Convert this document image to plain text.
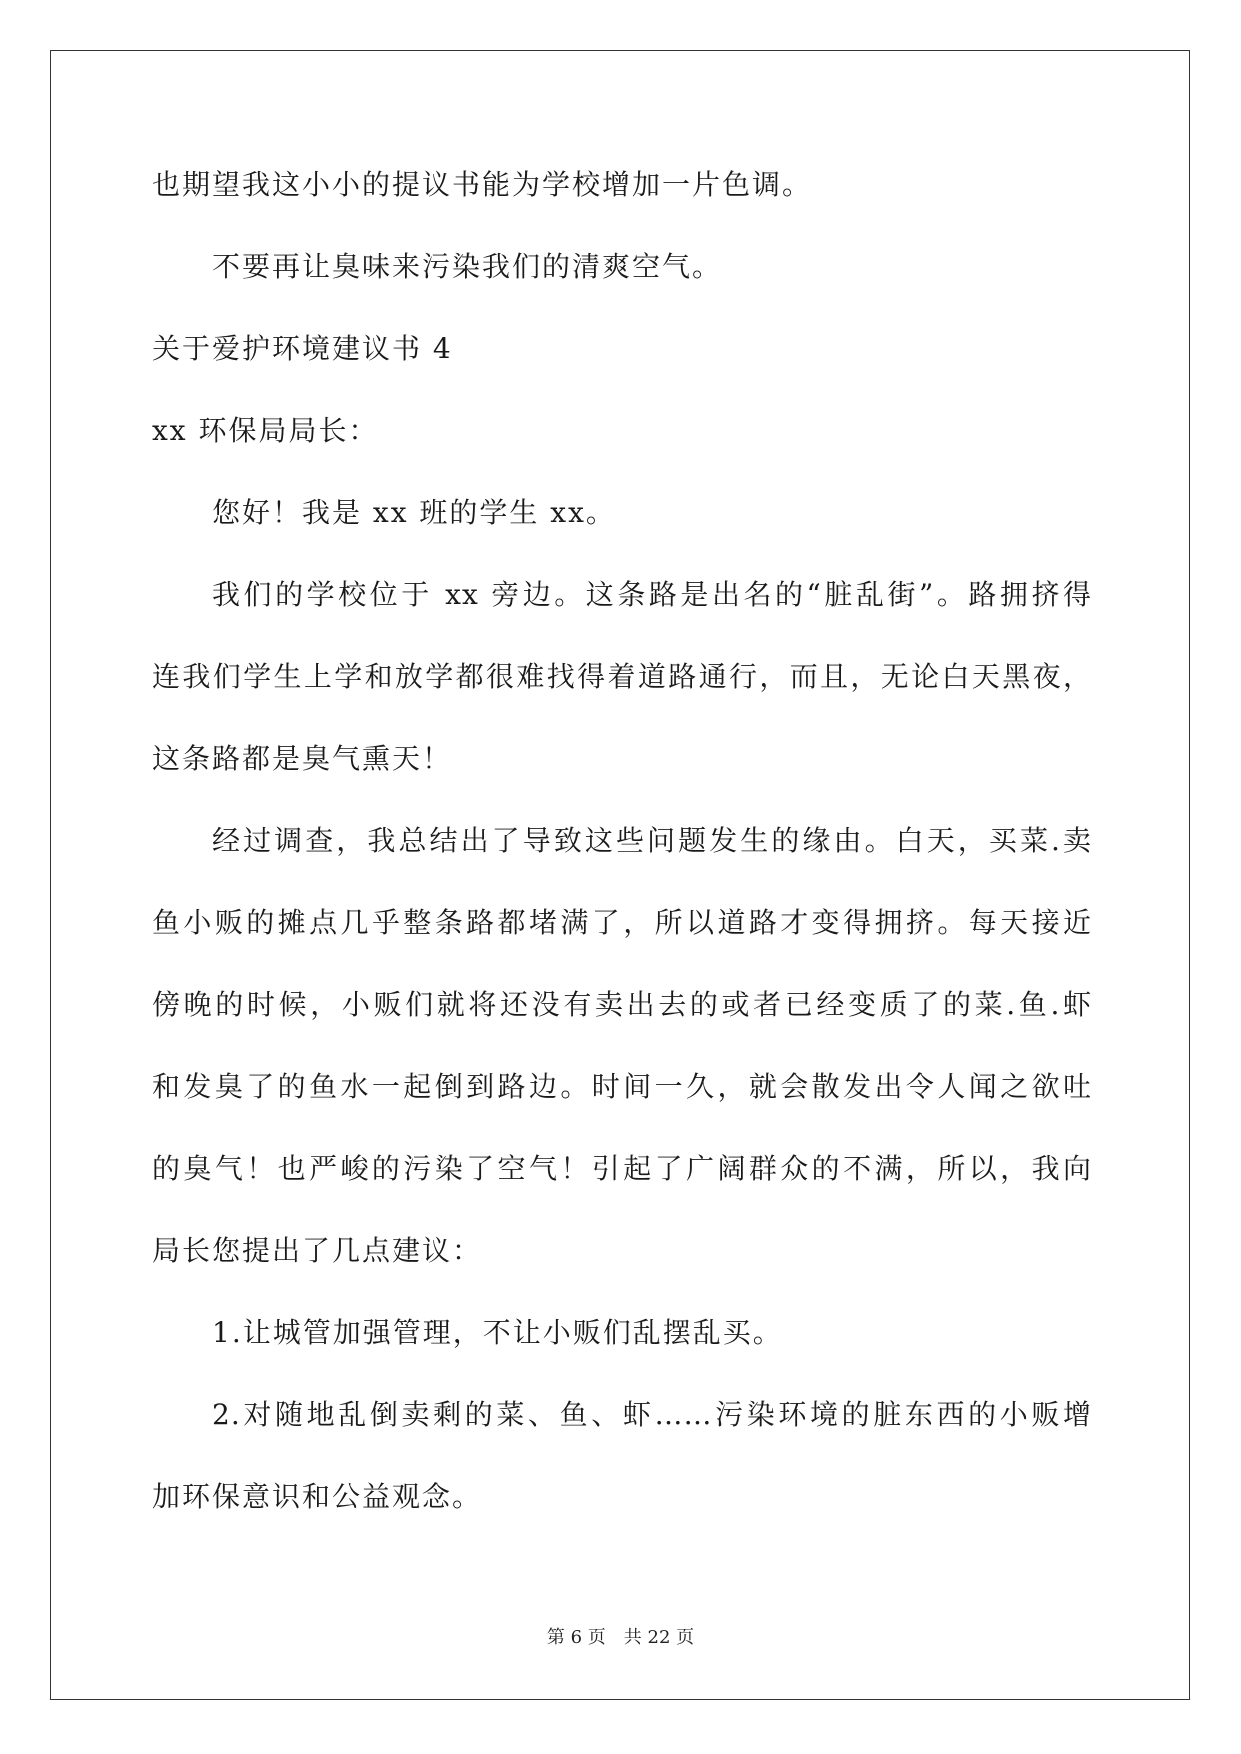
也期望我这小小的提议书能为学校增加一片色调。
不要再让臭味来污染我们的清爽空气。
关于爱护环境建议书 4
xx 环保局局长：
您好！我是 xx 班的学生 xx。
我们的学校位于 xx 旁边。这条路是出名的“脏乱街”。路拥挤得
连我们学生上学和放学都很难找得着道路通行，而且，无论白天黑夜，
这条路都是臭气熏天！
经过调查，我总结出了导致这些问题发生的缘由。白天，买菜.卖
鱼小贩的摊点几乎整条路都堵满了，所以道路才变得拥挤。每天接近
傍晚的时候，小贩们就将还没有卖出去的或者已经变质了的菜.鱼.虾
和发臭了的鱼水一起倒到路边。时间一久，就会散发出令人闻之欲吐
的臭气！也严峻的污染了空气！引起了广阔群众的不满，所以，我向
局长您提出了几点建议：
1.让城管加强管理，不让小贩们乱摆乱买。
2.对随地乱倒卖剩的菜、鱼、虾……污染环境的脏东西的小贩增
加环保意识和公益观念。
第 6 页　共 22 页
